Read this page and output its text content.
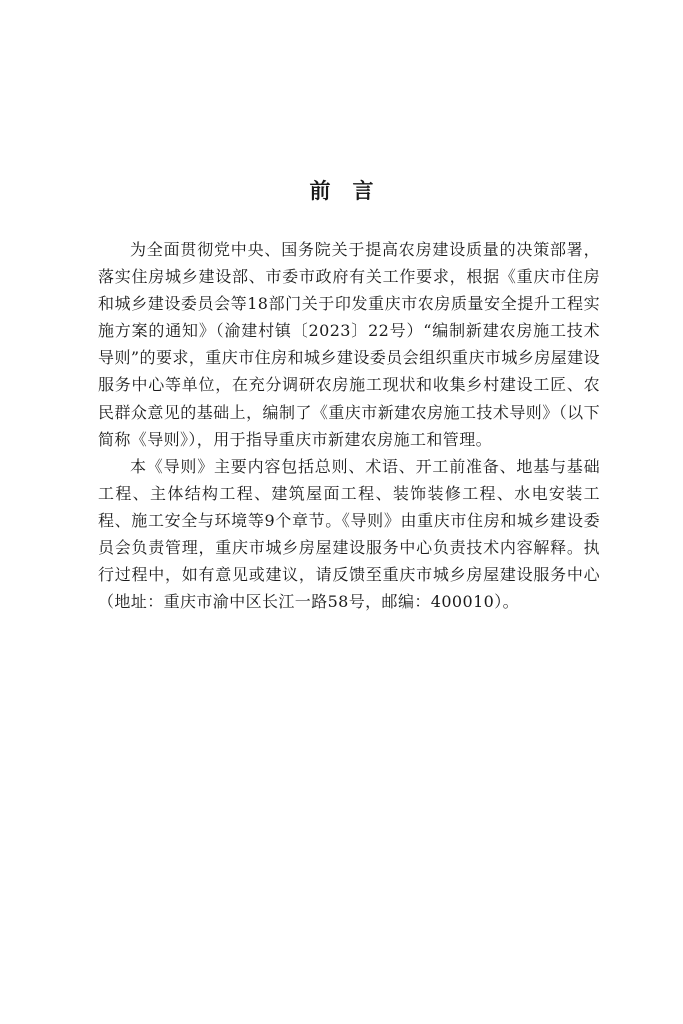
前言

为全面贯彻党中央、国务院关于提高农房建设质量的决策部署，落实住房城乡建设部、市委市政府有关工作要求，根据《重庆市住房和城乡建设委员会等18部门关于印发重庆市农房质量安全提升工程实施方案的通知》（渝建村镇〔2023〕22号）“编制新建农房施工技术导则”的要求，重庆市住房和城乡建设委员会组织重庆市城乡房屋建设服务中心等单位，在充分调研农房施工现状和收集乡村建设工匠、农民群众意见的基础上，编制了《重庆市新建农房施工技术导则》（以下简称《导则》），用于指导重庆市新建农房施工和管理。

本《导则》主要内容包括总则、术语、开工前准备、地基与基础工程、主体结构工程、建筑屋面工程、装饰装修工程、水电安装工程、施工安全与环境等9个章节。《导则》由重庆市住房和城乡建设委员会负责管理，重庆市城乡房屋建设服务中心负责技术内容解释。执行过程中，如有意见或建议，请反馈至重庆市城乡房屋建设服务中心（地址：重庆市渝中区长江一路58号，邮编：400010）。
